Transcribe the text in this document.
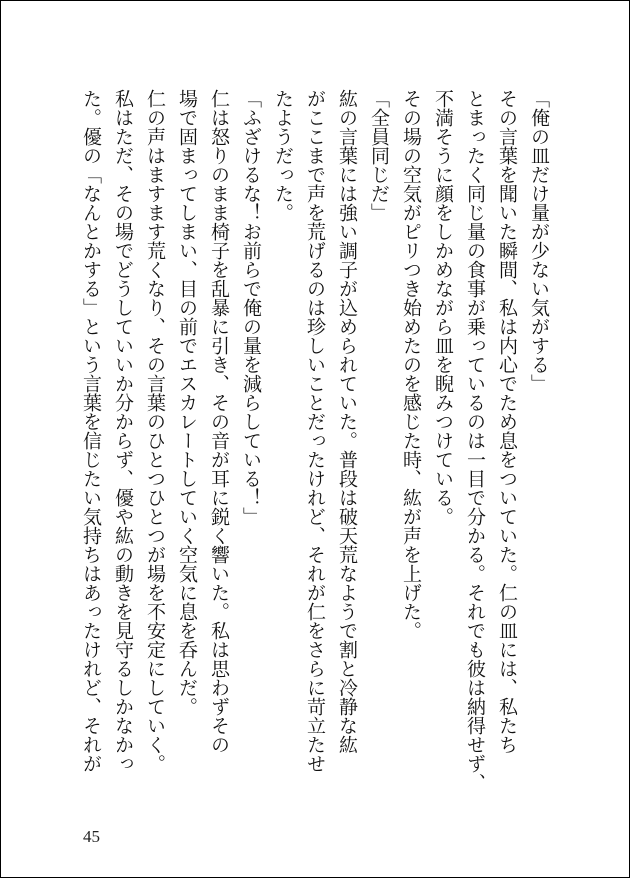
「俺の皿だけ量が少ない気がする」
その言葉を聞いた瞬間、私は内心でため息をついていた。仁の皿には、私たち
とまったく同じ量の食事が乗っているのは一目で分かる。それでも彼は納得せず、
不満そうに顔をしかめながら皿を睨みつけている。
その場の空気がピリつき始めたのを感じた時、紘が声を上げた。
「全員同じだ」
紘の言葉には強い調子が込められていた。普段は破天荒なようで割と冷静な紘
がここまで声を荒げるのは珍しいことだったけれど、それが仁をさらに苛立たせ
たようだった。
「ふざけるな！お前らで俺の量を減らしている！」
仁は怒りのまま椅子を乱暴に引き、その音が耳に鋭く響いた。私は思わずその
場で固まってしまい、目の前でエスカレートしていく空気に息を呑んだ。
仁の声はますます荒くなり、その言葉のひとつひとつが場を不安定にしていく。
私はただ、その場でどうしていいか分からず、優や紘の動きを見守るしかなかっ
た。優の「なんとかする」という言葉を信じたい気持ちはあったけれど、それが
45
